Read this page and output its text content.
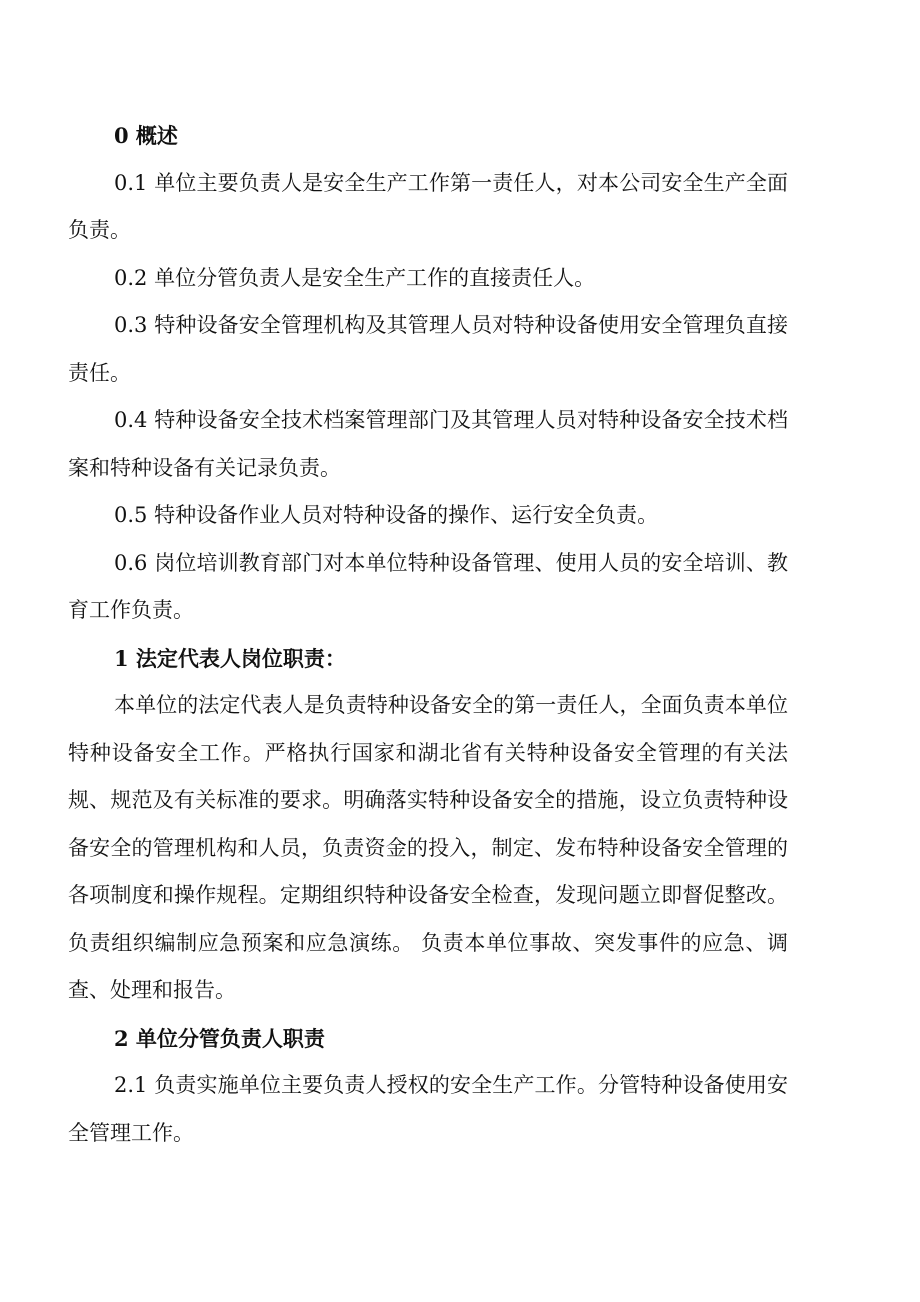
0 概述

0.1 单位主要负责人是安全生产工作第一责任人，对本公司安全生产全面负责。

0.2 单位分管负责人是安全生产工作的直接责任人。

0.3 特种设备安全管理机构及其管理人员对特种设备使用安全管理负直接责任。

0.4 特种设备安全技术档案管理部门及其管理人员对特种设备安全技术档案和特种设备有关记录负责。

0.5 特种设备作业人员对特种设备的操作、运行安全负责。

0.6 岗位培训教育部门对本单位特种设备管理、使用人员的安全培训、教育工作负责。

1 法定代表人岗位职责：

本单位的法定代表人是负责特种设备安全的第一责任人，全面负责本单位特种设备安全工作。严格执行国家和湖北省有关特种设备安全管理的有关法规、规范及有关标准的要求。明确落实特种设备安全的措施，设立负责特种设备安全的管理机构和人员，负责资金的投入，制定、发布特种设备安全管理的各项制度和操作规程。定期组织特种设备安全检查，发现问题立即督促整改。负责组织编制应急预案和应急演练。 负责本单位事故、突发事件的应急、调查、处理和报告。

2 单位分管负责人职责

2.1 负责实施单位主要负责人授权的安全生产工作。分管特种设备使用安全管理工作。
